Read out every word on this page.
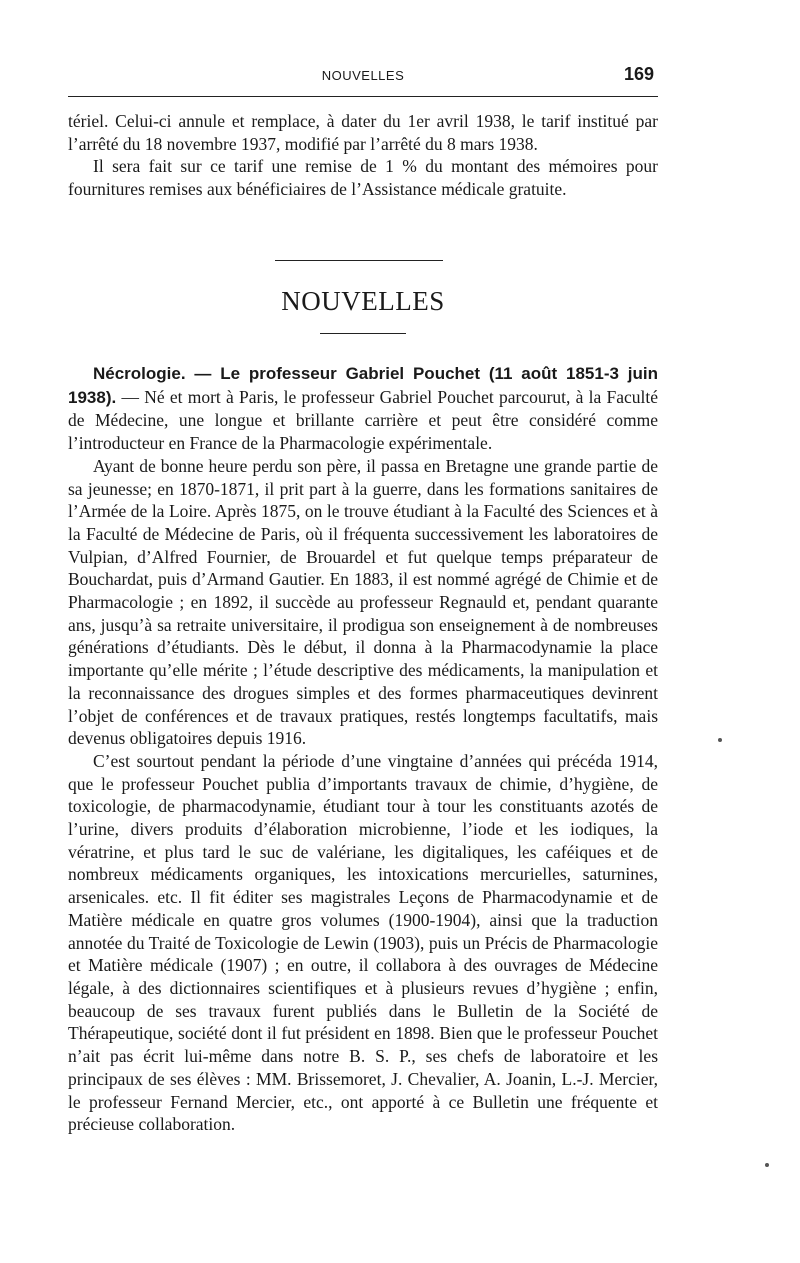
NOUVELLES	169

tériel. Celui-ci annule et remplace, à dater du 1er avril 1938, le tarif institué par l’arrêté du 18 novembre 1937, modifié par l’arrêté du 8 mars 1938.

Il sera fait sur ce tarif une remise de 1 % du montant des mémoires pour fournitures remises aux bénéficiaires de l’Assistance médicale gratuite.

NOUVELLES

Nécrologie. — Le professeur Gabriel Pouchet (11 août 1851-3 juin 1938). — Né et mort à Paris, le professeur Gabriel Pouchet parcourut, à la Faculté de Médecine, une longue et brillante carrière et peut être considéré comme l’introducteur en France de la Pharmacologie expérimentale.

Ayant de bonne heure perdu son père, il passa en Bretagne une grande partie de sa jeunesse; en 1870-1871, il prit part à la guerre, dans les formations sanitaires de l’Armée de la Loire. Après 1875, on le trouve étudiant à la Faculté des Sciences et à la Faculté de Médecine de Paris, où il fréquenta successivement les laboratoires de Vulpian, d’Alfred Fournier, de Brouardel et fut quelque temps préparateur de Bouchardat, puis d’Armand Gautier. En 1883, il est nommé agrégé de Chimie et de Pharmacologie ; en 1892, il succède au professeur Regnauld et, pendant quarante ans, jusqu’à sa retraite universitaire, il prodigua son enseignement à de nombreuses générations d’étudiants. Dès le début, il donna à la Pharmacodynamie la place importante qu’elle mérite ; l’étude descriptive des médicaments, la manipulation et la reconnaissance des drogues simples et des formes pharmaceutiques devinrent l’objet de conférences et de travaux pratiques, restés longtemps facultatifs, mais devenus obligatoires depuis 1916.

C’est sourtout pendant la période d’une vingtaine d’années qui précéda 1914, que le professeur Pouchet publia d’importants travaux de chimie, d’hygiène, de toxicologie, de pharmacodynamie, étudiant tour à tour les constituants azotés de l’urine, divers produits d’élaboration microbienne, l’iode et les iodiques, la vératrine, et plus tard le suc de valériane, les digitaliques, les caféiques et de nombreux médicaments organiques, les intoxications mercurielles, saturnines, arsenicales. etc. Il fit éditer ses magistrales Leçons de Pharmacodynamie et de Matière médicale en quatre gros volumes (1900-1904), ainsi que la traduction annotée du Traité de Toxicologie de Lewin (1903), puis un Précis de Pharmacologie et Matière médicale (1907) ; en outre, il collabora à des ouvrages de Médecine légale, à des dictionnaires scientifiques et à plusieurs revues d’hygiène ; enfin, beaucoup de ses travaux furent publiés dans le Bulletin de la Société de Thérapeutique, société dont il fut président en 1898. Bien que le professeur Pouchet n’ait pas écrit lui-même dans notre B. S. P., ses chefs de laboratoire et les principaux de ses élèves : MM. Brissemoret, J. Chevalier, A. Joanin, L.-J. Mercier, le professeur Fernand Mercier, etc., ont apporté à ce Bulletin une fréquente et précieuse collaboration.
